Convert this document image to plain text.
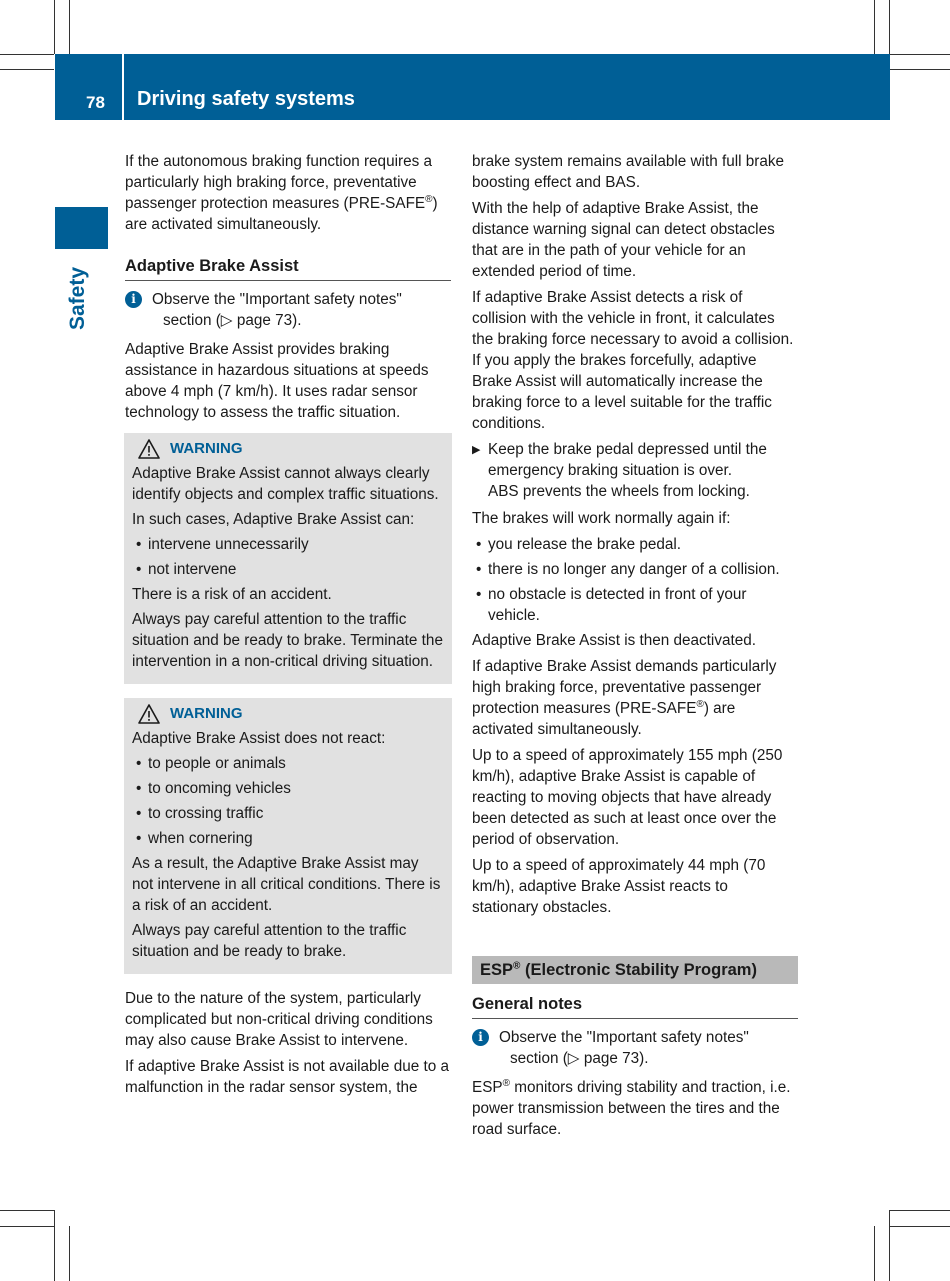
78 Driving safety systems
Safety

If the autonomous braking function requires a particularly high braking force, preventative passenger protection measures (PRE-SAFE®) are activated simultaneously.

Adaptive Brake Assist
i	Observe the "Important safety notes" section (▷ page 73).

Adaptive Brake Assist provides braking assistance in hazardous situations at speeds above 4 mph (7 km/h). It uses radar sensor technology to assess the traffic situation.

WARNING

Adaptive Brake Assist cannot always clearly identify objects and complex traffic situations.

In such cases, Adaptive Brake Assist can:

• intervene unnecessarily
• not intervene

There is a risk of an accident.

Always pay careful attention to the traffic situation and be ready to brake. Terminate the intervention in a non-critical driving situation.

WARNING

Adaptive Brake Assist does not react:

• to people or animals
• to oncoming vehicles
• to crossing traffic
• when cornering

As a result, the Adaptive Brake Assist may not intervene in all critical conditions. There is a risk of an accident.

Always pay careful attention to the traffic situation and be ready to brake.

Due to the nature of the system, particularly complicated but non-critical driving conditions may also cause Brake Assist to intervene.

If adaptive Brake Assist is not available due to a malfunction in the radar sensor system, the

brake system remains available with full brake boosting effect and BAS.

With the help of adaptive Brake Assist, the distance warning signal can detect obstacles that are in the path of your vehicle for an extended period of time.

If adaptive Brake Assist detects a risk of collision with the vehicle in front, it calculates the braking force necessary to avoid a collision. If you apply the brakes forcefully, adaptive Brake Assist will automatically increase the braking force to a level suitable for the traffic conditions.

▶ Keep the brake pedal depressed until the emergency braking situation is over.
ABS prevents the wheels from locking.

The brakes will work normally again if:

• you release the brake pedal.
• there is no longer any danger of a collision.
• no obstacle is detected in front of your vehicle.

Adaptive Brake Assist is then deactivated.

If adaptive Brake Assist demands particularly high braking force, preventative passenger protection measures (PRE-SAFE®) are activated simultaneously.

Up to a speed of approximately 155 mph (250 km/h), adaptive Brake Assist is capable of reacting to moving objects that have already been detected as such at least once over the period of observation.

Up to a speed of approximately 44 mph (70 km/h), adaptive Brake Assist reacts to stationary obstacles.

ESP® (Electronic Stability Program)
General notes
i	Observe the "Important safety notes" section (▷ page 73).

ESP® monitors driving stability and traction, i.e. power transmission between the tires and the road surface.
